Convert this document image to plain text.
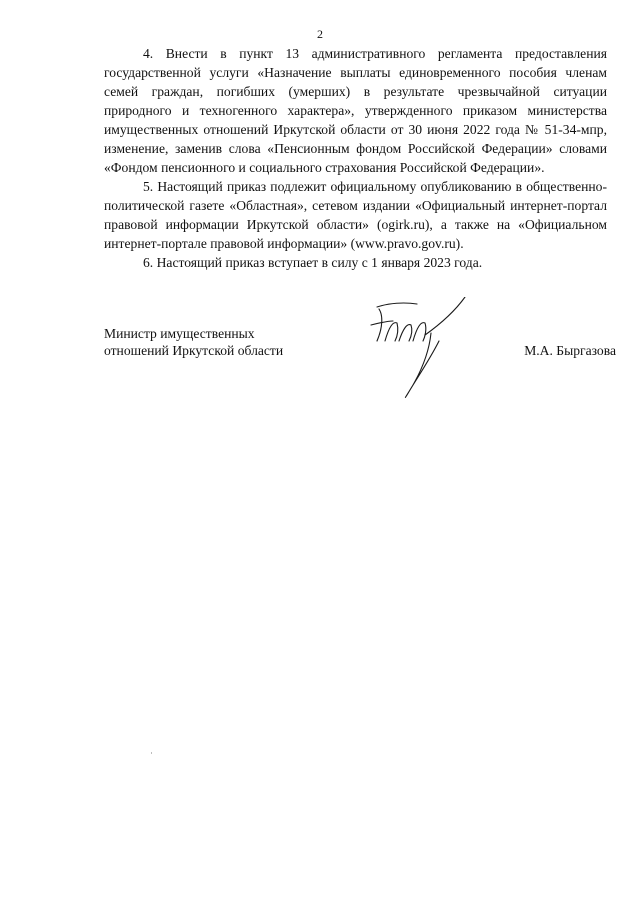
2

4. Внести в пункт 13 административного регламента предоставления государственной услуги «Назначение выплаты единовременного пособия членам семей граждан, погибших (умерших) в результате чрезвычайной ситуации природного и техногенного характера», утвержденного приказом министерства имущественных отношений Иркутской области от 30 июня 2022 года № 51-34-мпр, изменение, заменив слова «Пенсионным фондом Российской Федерации» словами «Фондом пенсионного и социального страхования Российской Федерации».

5. Настоящий приказ подлежит официальному опубликованию в общественно-политической газете «Областная», сетевом издании «Официальный интернет-портал правовой информации Иркутской области» (ogirk.ru), а также на «Официальном интернет-портале правовой информации» (www.pravo.gov.ru).

6. Настоящий приказ вступает в силу с 1 января 2023 года.

Министр имущественных
отношений Иркутской области	М.А. Быргазова
